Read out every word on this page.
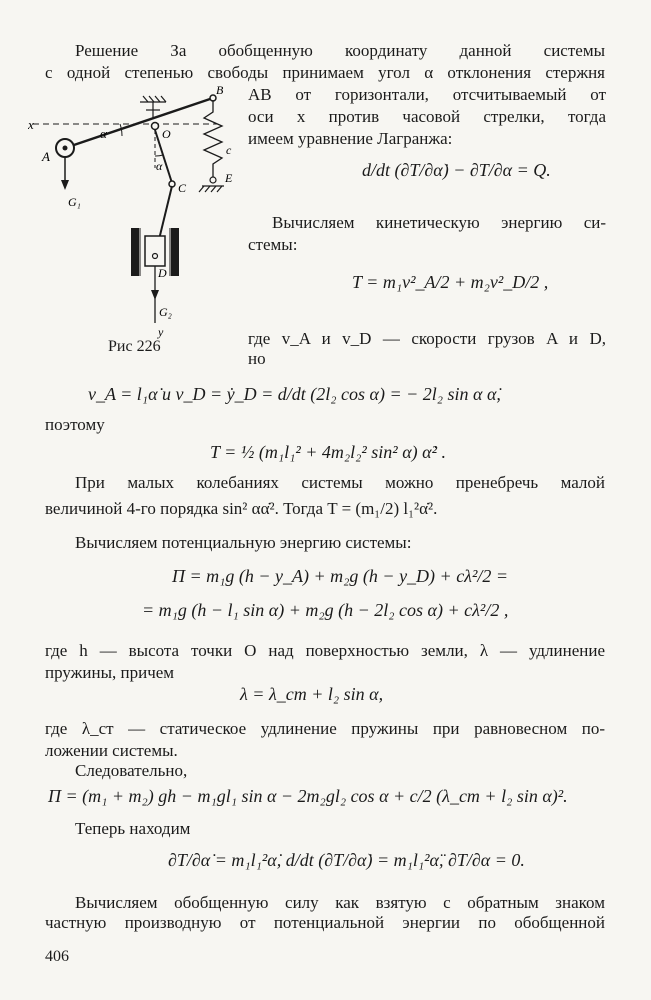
Решение За обобщенную координату данной системы
с одной степенью свободы принимаем угол α отклонения стержня
AB от горизонтали, отсчитываемый от
оси x против часовой стрелки, тогда
имеем уравнение Лагранжа:
d/dt (∂T/∂α̇) − ∂T/∂α = Q.
Вычисляем кинетическую энергию си-
стемы:
T = m₁v²_A/2 + m₂v²_D/2 ,
x
α
α
A
B
O
C
c
E
D
G₁
G₂
y
Рис 226	где v_A и v_D — скорости грузов A и D,
но
v_A = l₁α̇ и v_D = ẏ_D = d/dt (2l₂ cos α) = − 2l₂ sin α α̇,
поэтому
T = ½ (m₁l₁² + 4m₂l₂² sin² α) α̇² .
При малых колебаниях системы можно пренебречь малой
величиной 4-го порядка sin² αα̇². Тогда T = (m₁/2) l₁²α̇².
Вычисляем потенциальную энергию системы:
Π = m₁g (h − y_A) + m₂g (h − y_D) + cλ²/2 =
= m₁g (h − l₁ sin α) + m₂g (h − 2l₂ cos α) + cλ²/2 ,
где h — высота точки O над поверхностью земли, λ — удлинение
пружины, причем
λ = λ_ст + l₂ sin α,
где λ_ст — статическое удлинение пружины при равновесном по-
ложении системы.
Следовательно,
Π = (m₁ + m₂) gh − m₁gl₁ sin α − 2m₂gl₂ cos α + c/2 (λ_ст + l₂ sin α)².
Теперь находим
∂T/∂α̇ = m₁l₁²α̇, d/dt (∂T/∂α̇) = m₁l₁²α̈, ∂T/∂α = 0.
Вычисляем обобщенную силу как взятую с обратным знаком
частную производную от потенциальной энергии по обобщенной
406
